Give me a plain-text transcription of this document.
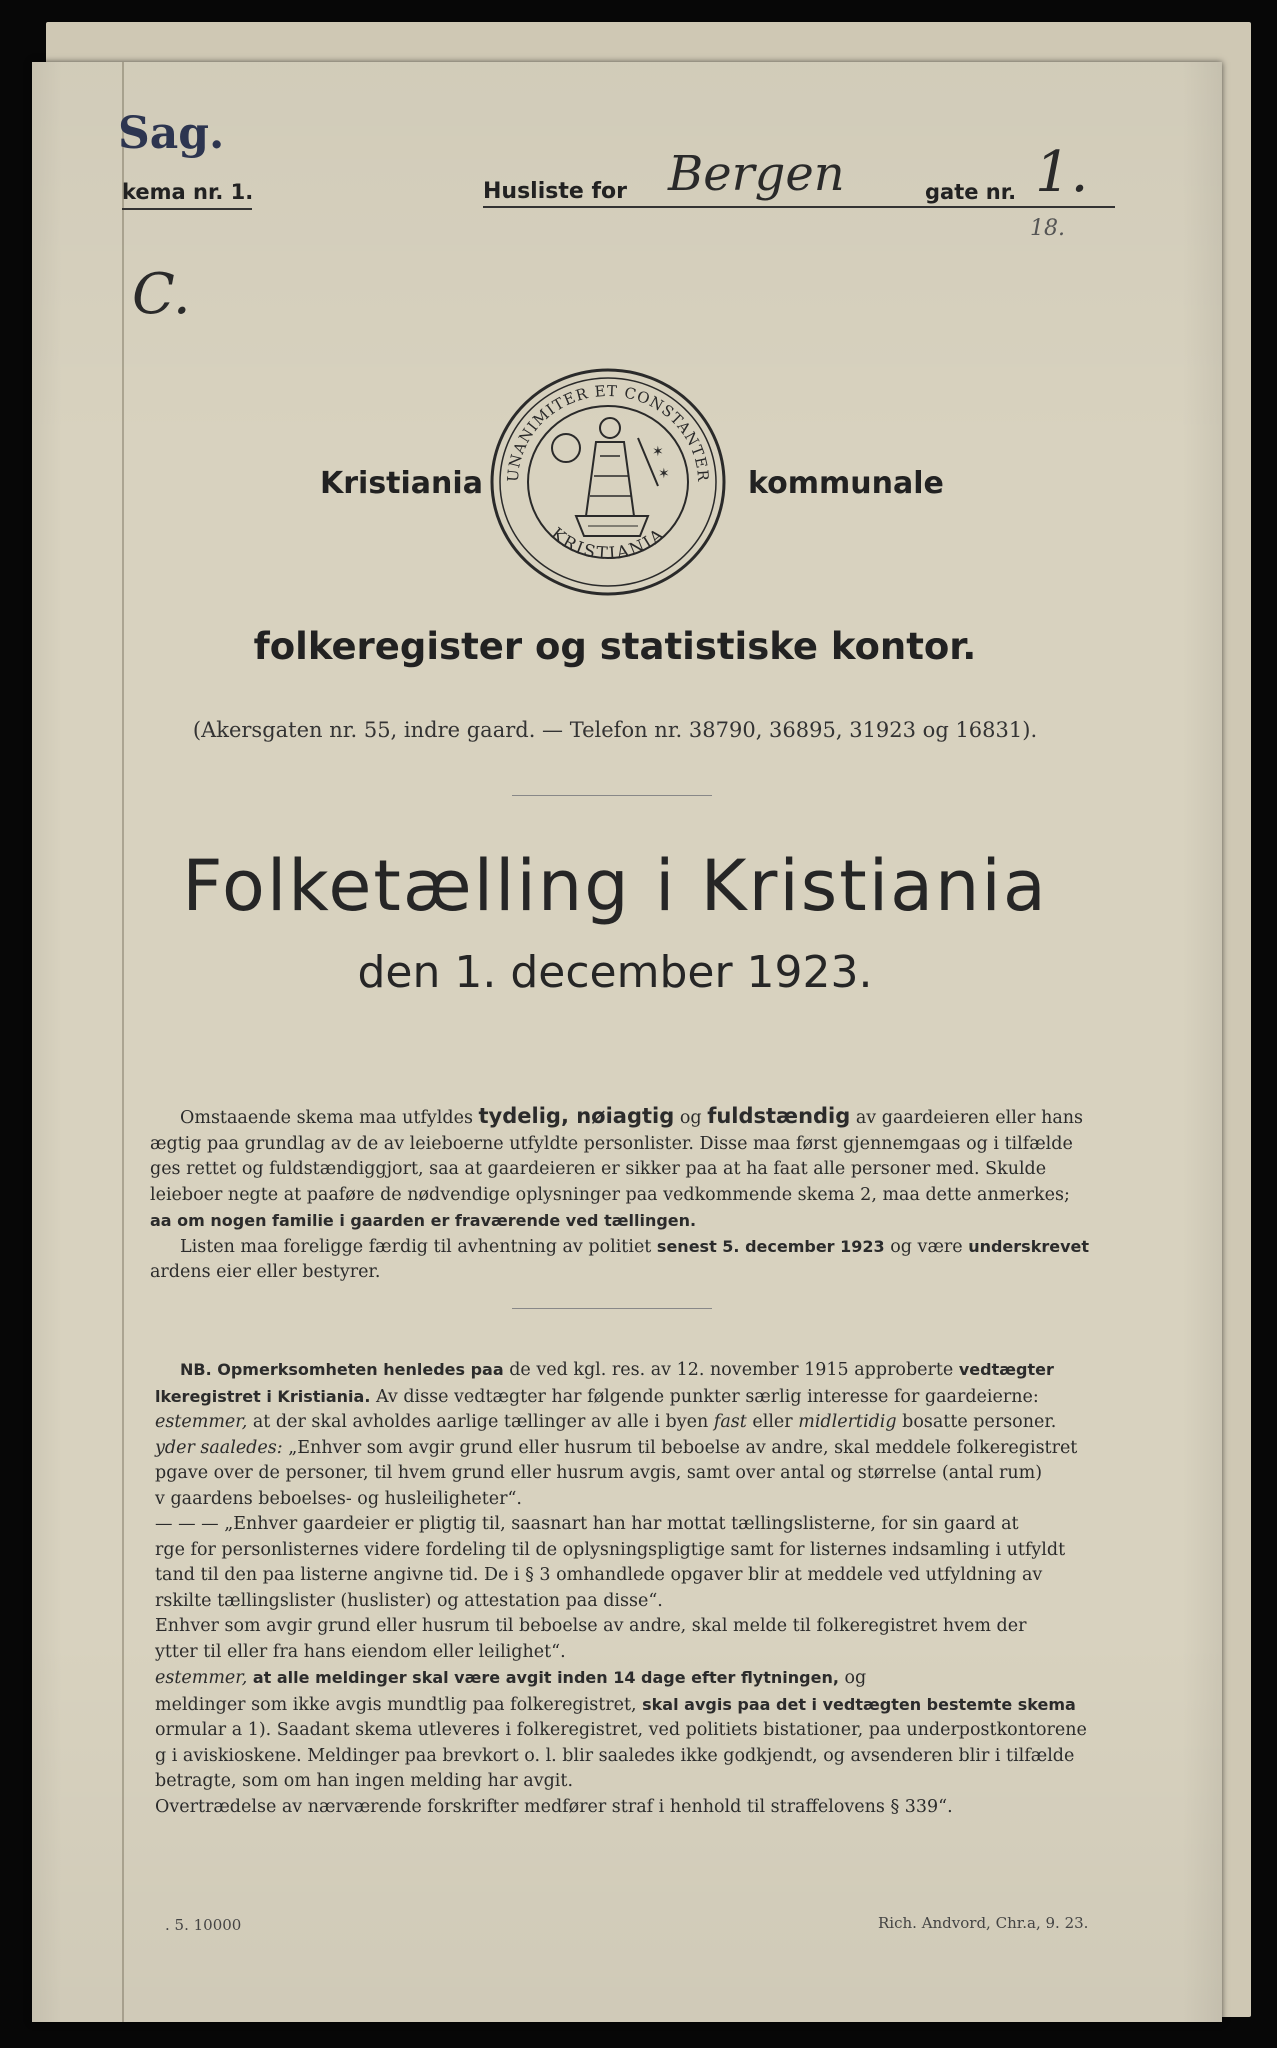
Sag.
kema nr. 1.	Husliste for Bergen	gate nr. 1.
18.
C.
Kristiania	kommunale
UNANIMITER ET CONSTANTER
KRISTIANIA
✶
✶
folkeregister og statistiske kontor.
(Akersgaten nr. 55, indre gaard. — Telefon nr. 38790, 36895, 31923 og 16831).
Folketælling i Kristiania
den 1. december 1923.
Omstaaende skema maa utfyldes tydelig, nøiagtig og fuldstændig av gaardeieren eller hans
ægtig paa grundlag av de av leieboerne utfyldte personlister. Disse maa først gjennemgaas og i tilfælde
ges rettet og fuldstændiggjort, saa at gaardeieren er sikker paa at ha faat alle personer med. Skulde
leieboer negte at paaføre de nødvendige oplysninger paa vedkommende skema 2, maa dette anmerkes;
aa om nogen familie i gaarden er fraværende ved tællingen.
Listen maa foreligge færdig til avhentning av politiet senest 5. december 1923 og være underskrevet
ardens eier eller bestyrer.
NB. Opmerksomheten henledes paa de ved kgl. res. av 12. november 1915 approberte vedtægter
lkeregistret i Kristiania. Av disse vedtægter har følgende punkter særlig interesse for gaardeierne:
estemmer, at der skal avholdes aarlige tællinger av alle i byen fast eller midlertidig bosatte personer.
yder saaledes: „Enhver som avgir grund eller husrum til beboelse av andre, skal meddele folkeregistret
pgave over de personer, til hvem grund eller husrum avgis, samt over antal og størrelse (antal rum)
v gaardens beboelses- og husleiligheter“.
— — — „Enhver gaardeier er pligtig til, saasnart han har mottat tællingslisterne, for sin gaard at
rge for personlisternes videre fordeling til de oplysningspligtige samt for listernes indsamling i utfyldt
tand til den paa listerne angivne tid. De i § 3 omhandlede opgaver blir at meddele ved utfyldning av
rskilte tællingslister (huslister) og attestation paa disse“.
Enhver som avgir grund eller husrum til beboelse av andre, skal melde til folkeregistret hvem der
ytter til eller fra hans eiendom eller leilighet“.
estemmer, at alle meldinger skal være avgit inden 14 dage efter flytningen, og
meldinger som ikke avgis mundtlig paa folkeregistret, skal avgis paa det i vedtægten bestemte skema
ormular a 1). Saadant skema utleveres i folkeregistret, ved politiets bistationer, paa underpostkontorene
g i aviskioskene. Meldinger paa brevkort o. l. blir saaledes ikke godkjendt, og avsenderen blir i tilfælde
betragte, som om han ingen melding har avgit.
Overtrædelse av nærværende forskrifter medfører straf i henhold til straffelovens § 339“.
. 5. 10000	Rich. Andvord, Chr.a, 9. 23.
